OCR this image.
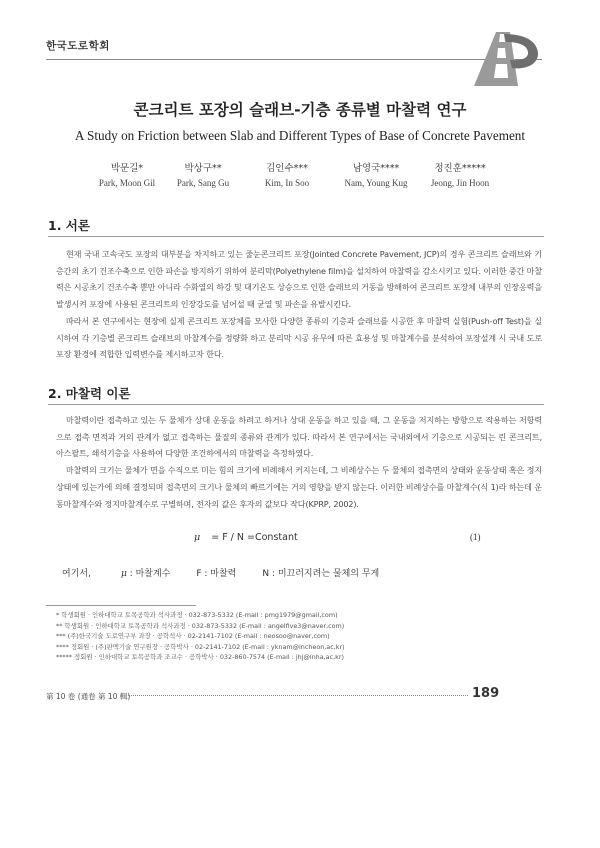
한국도로학회
콘크리트 포장의 슬래브-기층 종류별 마찰력 연구
A Study on Friction between Slab and Different Types of Base of Concrete Pavement
박문길*
Park, Moon Gil
박상구**
Park, Sang Gu
김인수***
Kim, In Soo
남영국****
Nam, Young Kug
정진훈*****
Jeong, Jin Hoon
1. 서론

현재 국내 고속국도 포장의 대부분을 차지하고 있는 줄눈콘크리트 포장(Jointed Concrete Pavement, JCP)의 경우 콘크리트 슬래브와 기층간의 초기 건조수축으로 인한 파손을 방지하기 위하여 분리막(Polyethylene film)을 설치하여 마찰력을 감소시키고 있다. 이러한 중간 마찰력은 시공초기 건조수축 뿐만 아니라 수화열의 하강 및 대기온도 상승으로 인한 슬래브의 거동을 방해하여 콘크리트 포장체 내부의 인장응력을 발생시켜 포장에 사용된 콘크리트의 인장강도를 넘어설 때 균열 및 파손을 유발시킨다.

따라서 본 연구에서는 현장에 실제 콘크리트 포장체를 모사한 다양한 종류의 기층과 슬래브를 시공한 후 마찰력 실험(Push-off Test)을 실시하여 각 기층별 콘크리트 슬래브의 마찰계수를 정량화 하고 분리막 시공 유무에 따른 효용성 및 마찰계수를 분석하여 포장설계 시 국내 도로 포장 환경에 적합한 입력변수를 제시하고자 한다.

2. 마찰력 이론

마찰력이란 접촉하고 있는 두 물체가 상대 운동을 하려고 하거나 상대 운동을 하고 있을 때, 그 운동을 저지하는 방향으로 작용하는 저항력으로 접촉 면적과 거의 관계가 없고 접촉하는 물질의 종류와 관계가 있다. 따라서 본 연구에서는 국내외에서 기층으로 시공되는 린 콘크리트, 아스팔트, 쇄석기층을 사용하여 다양한 조건하에서의 마찰력을 측정하였다.

마찰력의 크기는 물체가 면을 수직으로 미는 힘의 크기에 비례해서 커지는데, 그 비례상수는 두 물체의 접촉면의 상태와 운동상태 혹은 정지상태에 있는가에 의해 결정되며 접촉면의 크기나 물체의 빠르기에는 거의 영향을 받지 않는다. 이러한 비례상수를 마찰계수(식 1)라 하는데 운동마찰계수와 정지마찰계수로 구별하며, 전자의 값은 후자의 값보다 작다(KPRP, 2002).

μ = F / N =Constant	(1)
여기서,	μ : 마찰계수	F : 마찰력	N : 미끄러지려는 물체의 무게
* 학생회원 · 인하대학교 토목공학과 석사과정 · 032-873-5332 (E-mail : pmg1979@gmail,com)
** 학생회원 · 인하대학교 토목공학과 석사과정 · 032-873-5332 (E-mail : angelfive3@naver,com)
*** (주)한국기술 도로연구부 과장 · 공학석사 · 02-2141-7102 (E-mail : neosoo@naver,com)
**** 정회원 · (주)판멕기술 연구원장 · 공학박사 · 02-2141-7102 (E-mail : yknam@incheon,ac,kr)
***** 정회원 · 인하대학교 토목공학과 조교수 · 공학박사 · 032-860-7574 (E-mail : jhj@inha,ac,kr)
第 10 卷 (通卷 第 10 輯)	189
